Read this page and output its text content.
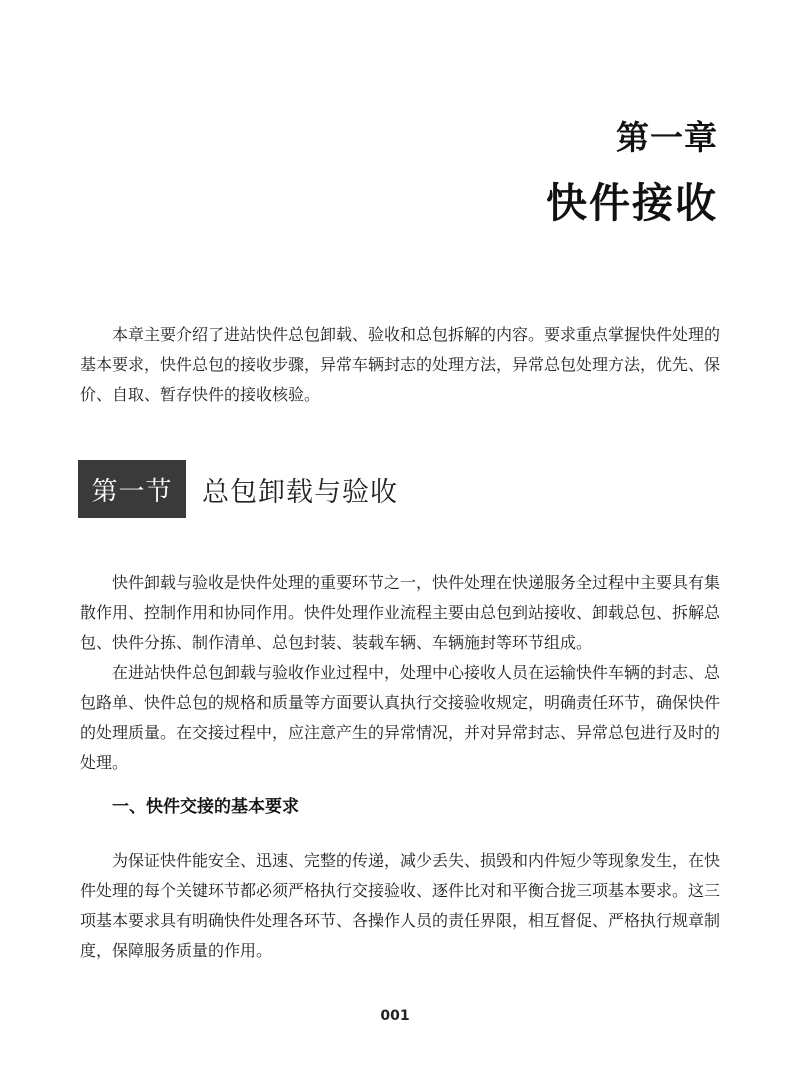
第一章
快件接收

本章主要介绍了进站快件总包卸载、验收和总包拆解的内容。要求重点掌握快件处理的基本要求，快件总包的接收步骤，异常车辆封志的处理方法，异常总包处理方法，优先、保价、自取、暂存快件的接收核验。

第一节	总包卸载与验收

快件卸载与验收是快件处理的重要环节之一，快件处理在快递服务全过程中主要具有集散作用、控制作用和协同作用。快件处理作业流程主要由总包到站接收、卸载总包、拆解总包、快件分拣、制作清单、总包封装、装载车辆、车辆施封等环节组成。

在进站快件总包卸载与验收作业过程中，处理中心接收人员在运输快件车辆的封志、总包路单、快件总包的规格和质量等方面要认真执行交接验收规定，明确责任环节，确保快件的处理质量。在交接过程中，应注意产生的异常情况，并对异常封志、异常总包进行及时的处理。

一、快件交接的基本要求

为保证快件能安全、迅速、完整的传递，减少丢失、损毁和内件短少等现象发生，在快件处理的每个关键环节都必须严格执行交接验收、逐件比对和平衡合拢三项基本要求。这三项基本要求具有明确快件处理各环节、各操作人员的责任界限，相互督促、严格执行规章制度，保障服务质量的作用。

001
